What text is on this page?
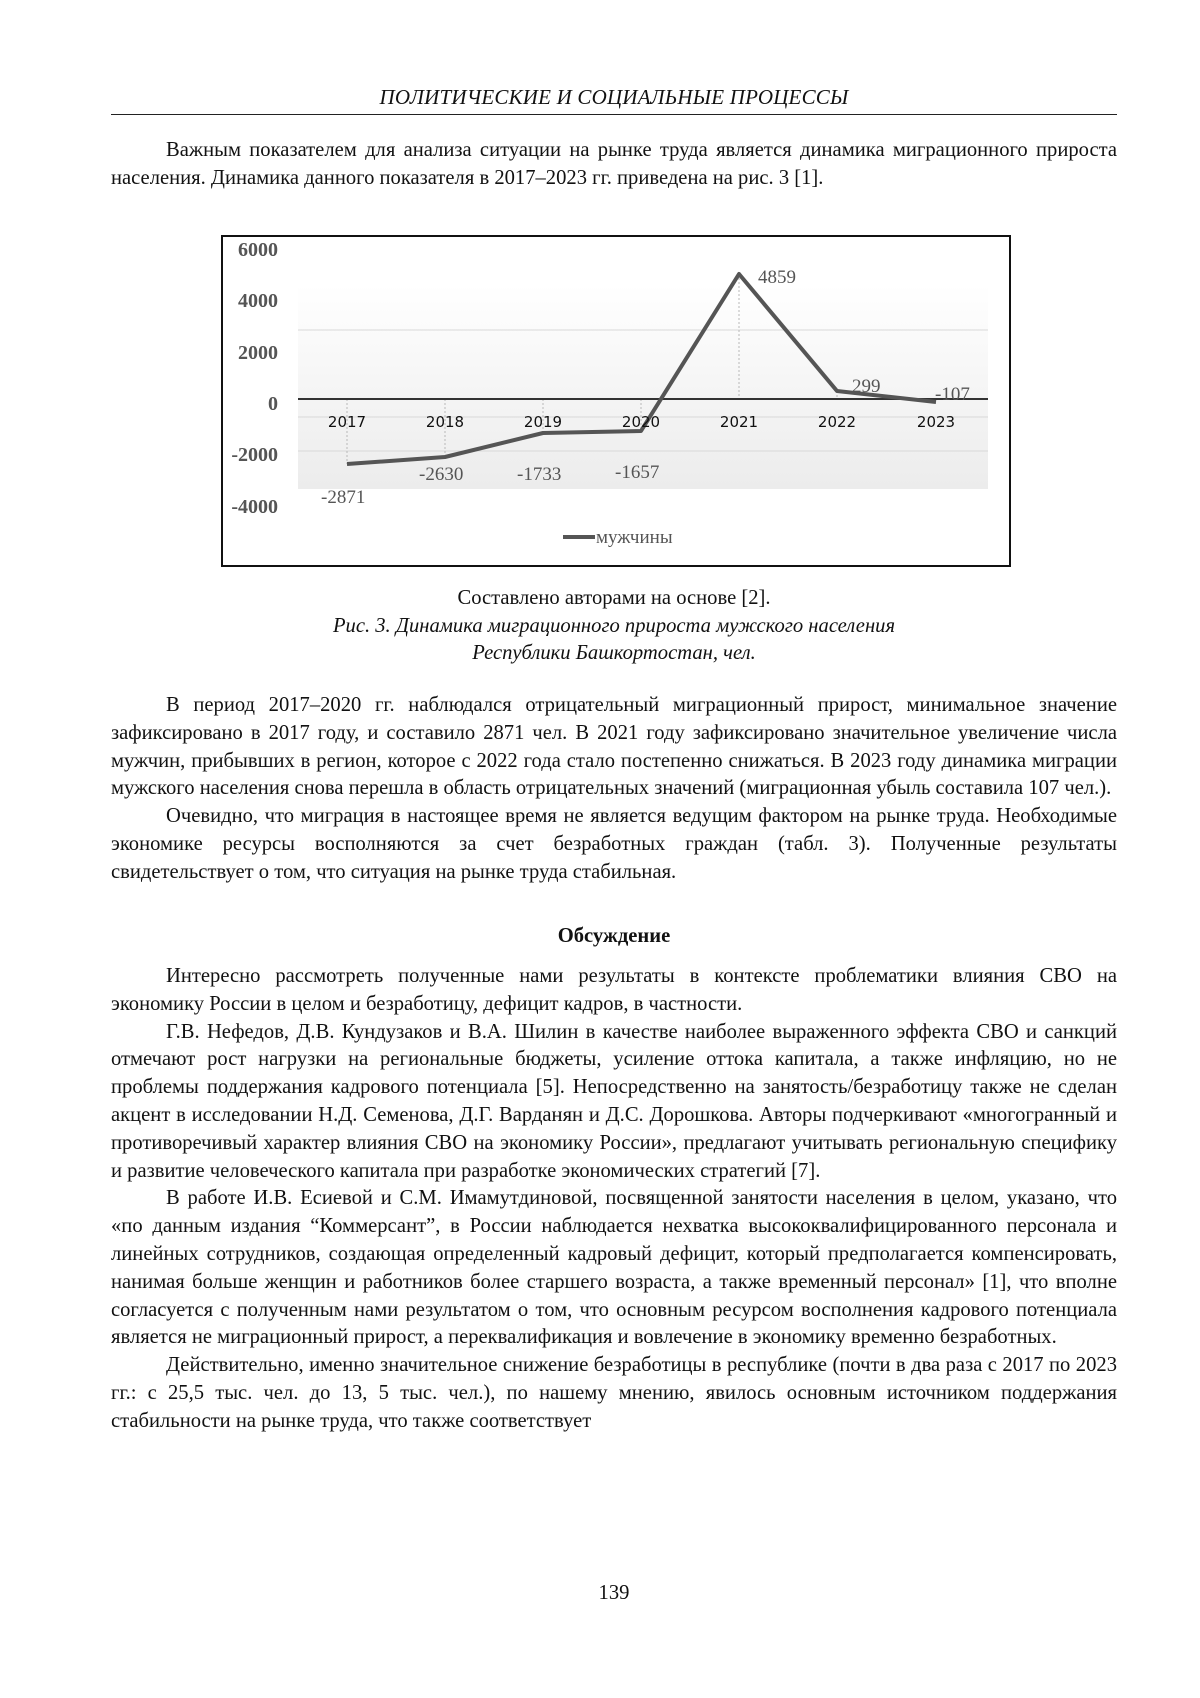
ПОЛИТИЧЕСКИЕ И СОЦИАЛЬНЫЕ ПРОЦЕССЫ

Важным показателем для анализа ситуации на рынке труда является динамика миграционного прироста населения. Динамика данного показателя в 2017–2023 гг. приведена на рис. 3 [1].

6000
4000
2000
0
-2000
-4000
2017	2018	2019	2020	2021	2022	2023
-2871
-2630	-1733	-1657
4859
299	-107
мужчины
Составлено авторами на основе [2].
Рис. 3. Динамика миграционного прироста мужского населения
Республики Башкортостан, чел.

В период 2017–2020 гг. наблюдался отрицательный миграционный прирост, минимальное значение зафиксировано в 2017 году, и составило 2871 чел. В 2021 году зафиксировано значительное увеличение числа мужчин, прибывших в регион, которое с 2022 года стало постепенно снижаться. В 2023 году динамика миграции мужского населения снова перешла в область отрицательных значений (миграционная убыль составила 107 чел.).

Очевидно, что миграция в настоящее время не является ведущим фактором на рынке труда. Необходимые экономике ресурсы восполняются за счет безработных граждан (табл. 3). Полученные результаты свидетельствует о том, что ситуация на рынке труда стабильная.

Обсуждение

Интересно рассмотреть полученные нами результаты в контексте проблематики влияния СВО на экономику России в целом и безработицу, дефицит кадров, в частности.

Г.В. Нефедов, Д.В. Кундузаков и В.А. Шилин в качестве наиболее выраженного эффекта СВО и санкций отмечают рост нагрузки на региональные бюджеты, усиление оттока капитала, а также инфляцию, но не проблемы поддержания кадрового потенциала [5]. Непосредственно на занятость/безработицу также не сделан акцент в исследовании Н.Д. Семенова, Д.Г. Варданян и Д.С. Дорошкова. Авторы подчеркивают «многогранный и противоречивый характер влияния СВО на экономику России», предлагают учитывать региональную специфику и развитие человеческого капитала при разработке экономических стратегий [7].

В работе И.В. Есиевой и С.М. Имамутдиновой, посвященной занятости населения в целом, указано, что «по данным издания “Коммерсант”, в России наблюдается нехватка высококвалифицированного персонала и линейных сотрудников, создающая определенный кадровый дефицит, который предполагается компенсировать, нанимая больше женщин и работников более старшего возраста, а также временный персонал» [1], что вполне согласуется с полученным нами результатом о том, что основным ресурсом восполнения кадрового потенциала является не миграционный прирост, а переквалификация и вовлечение в экономику временно безработных.

Действительно, именно значительное снижение безработицы в республике (почти в два раза с 2017 по 2023 гг.: с 25,5 тыс. чел. до 13, 5 тыс. чел.), по нашему мнению, явилось основным источником поддержания стабильности на рынке труда, что также соответствует

139
